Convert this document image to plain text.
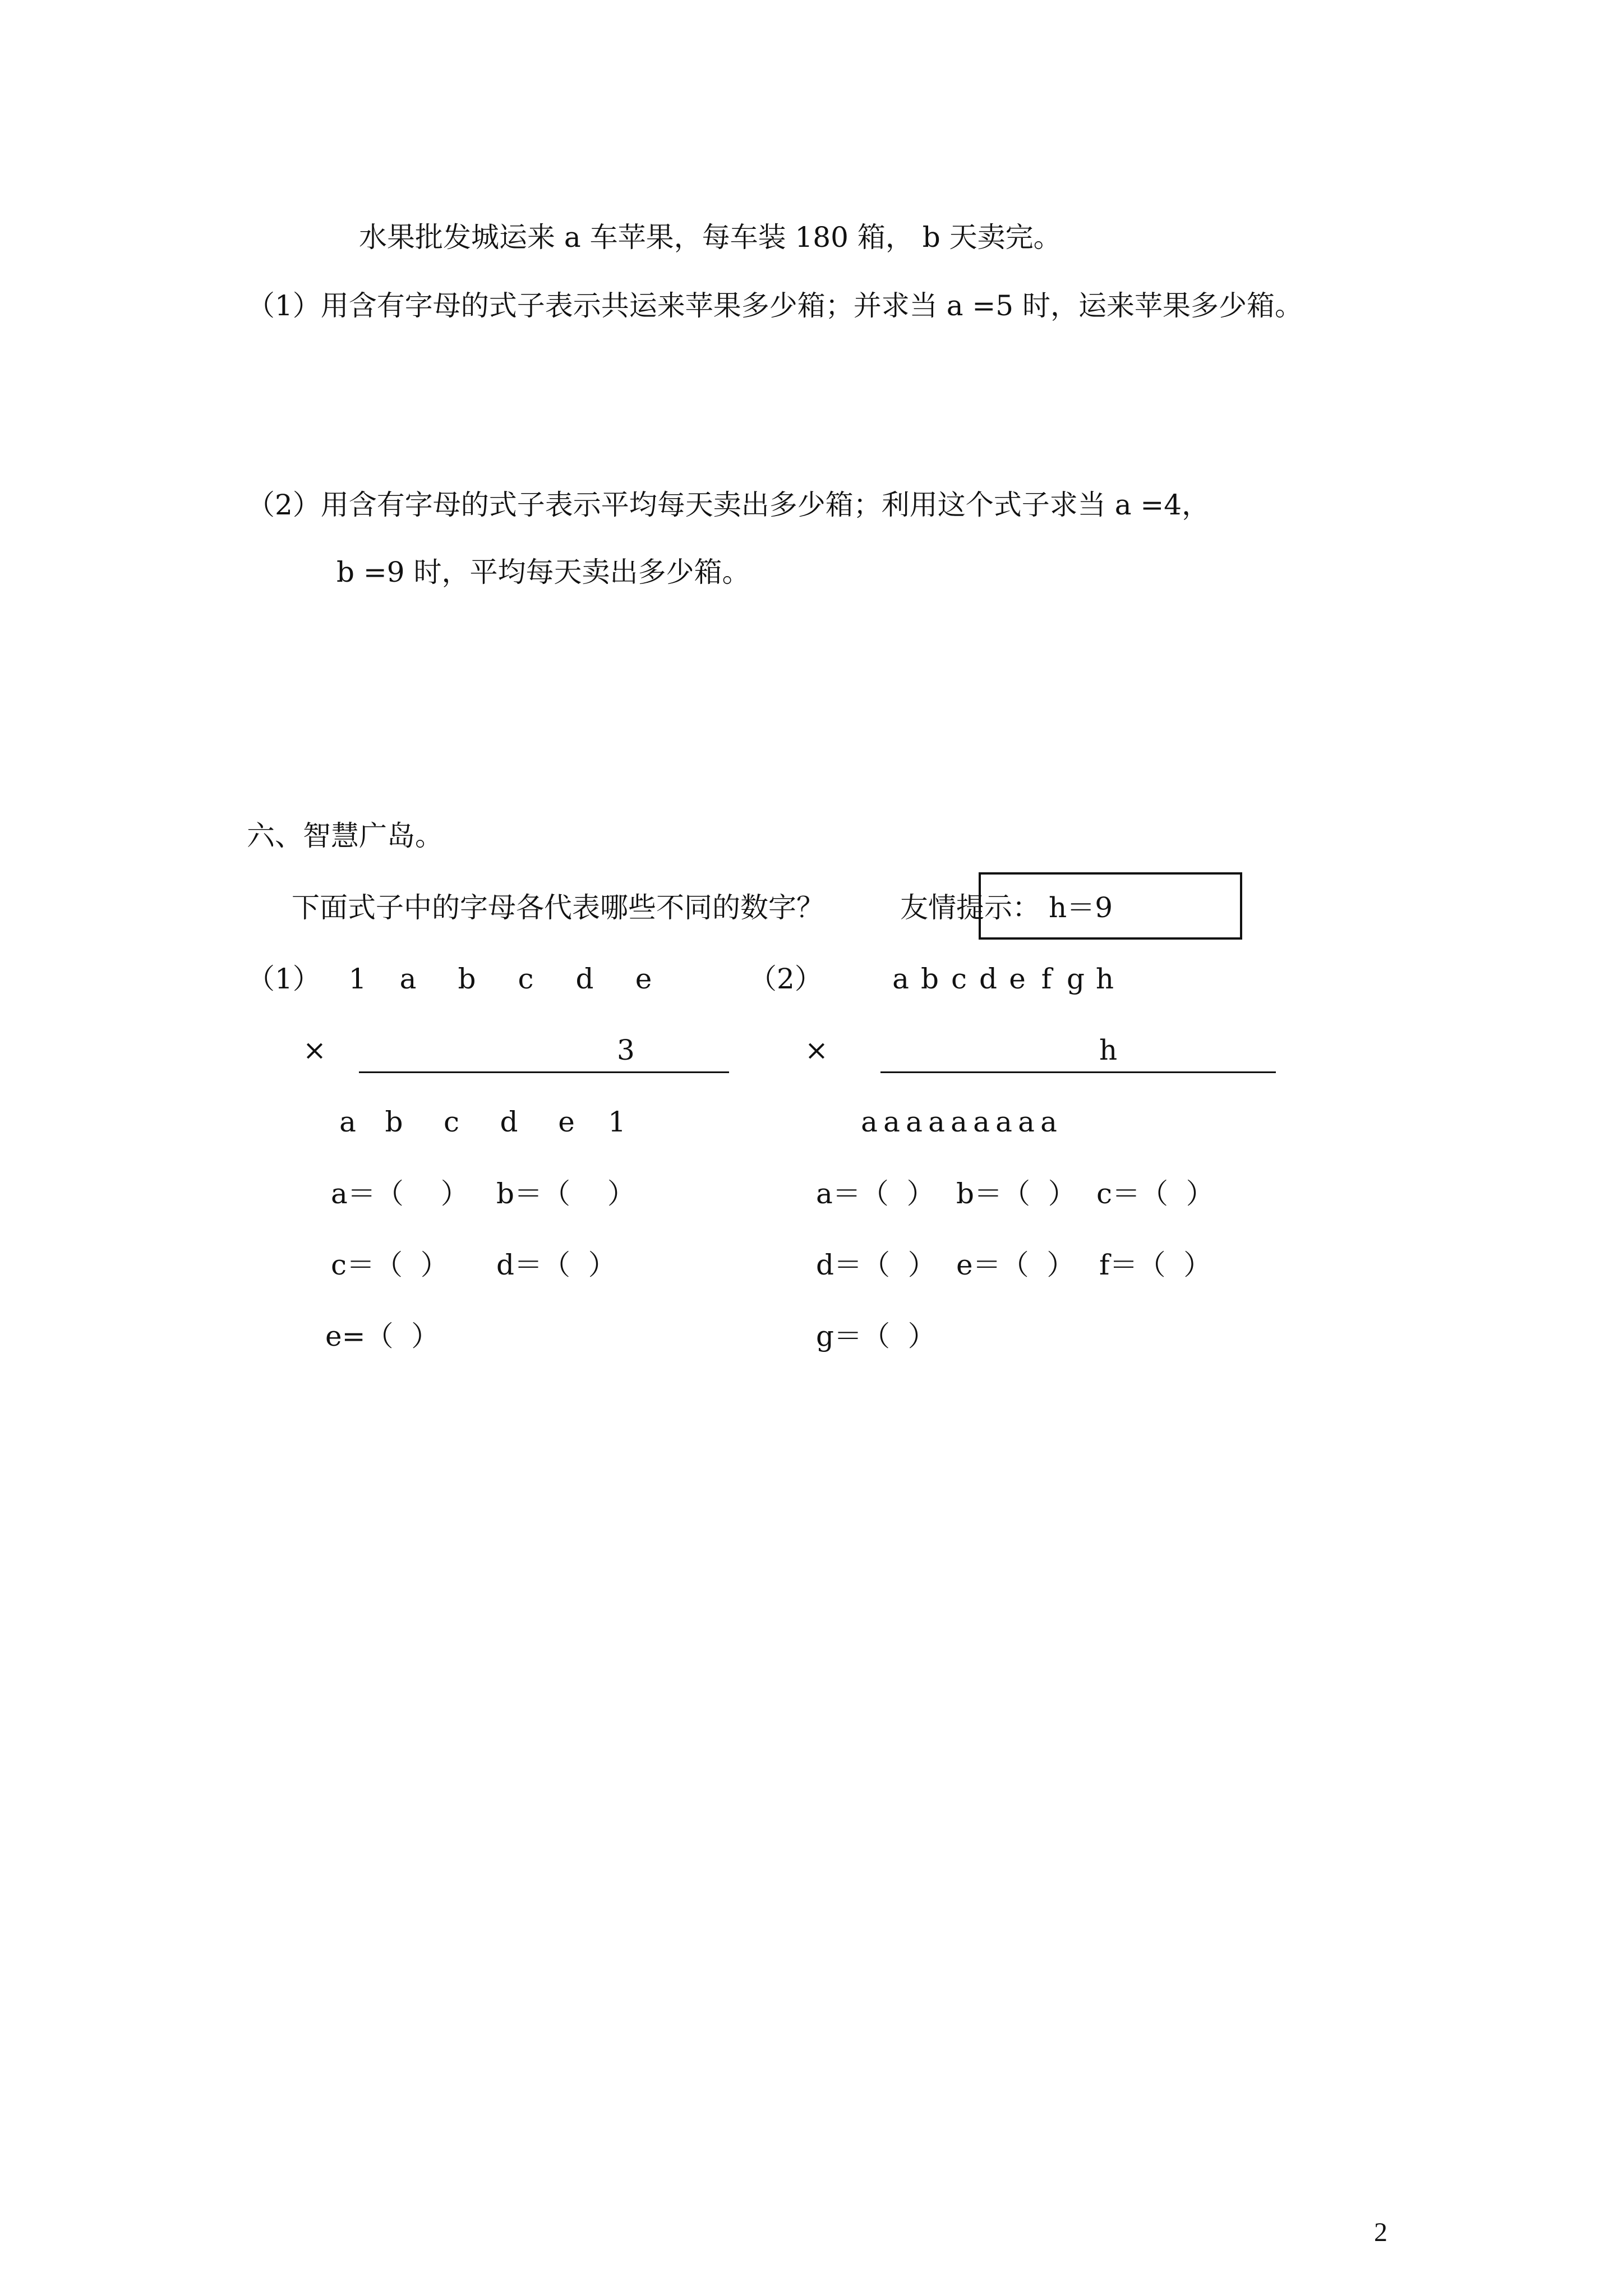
水果批发城运来 a 车苹果，每车装 180 箱， b 天卖完。
（1）用含有字母的式子表示共运来苹果多少箱；并求当 a =5 时，运来苹果多少箱。
（2）用含有字母的式子表示平均每天卖出多少箱；利用这个式子求当 a =4，
b =9 时，平均每天卖出多少箱。
六、智慧广岛。
下面式子中的字母各代表哪些不同的数字？	友情提示： h＝9
（1） 1	a	b	c	d	e
×	3
a	b	c	d	e	1
a＝（　 ） b＝（　 ）
c＝（  ） d＝（  ）
e=（  ）
（2） a b c d e f g h
×	h
a a a a a a a a a
a＝（  ） b＝（  ） c＝（  ）
d＝（  ） e＝（  ） f＝（  ）
g＝（  ）
2
